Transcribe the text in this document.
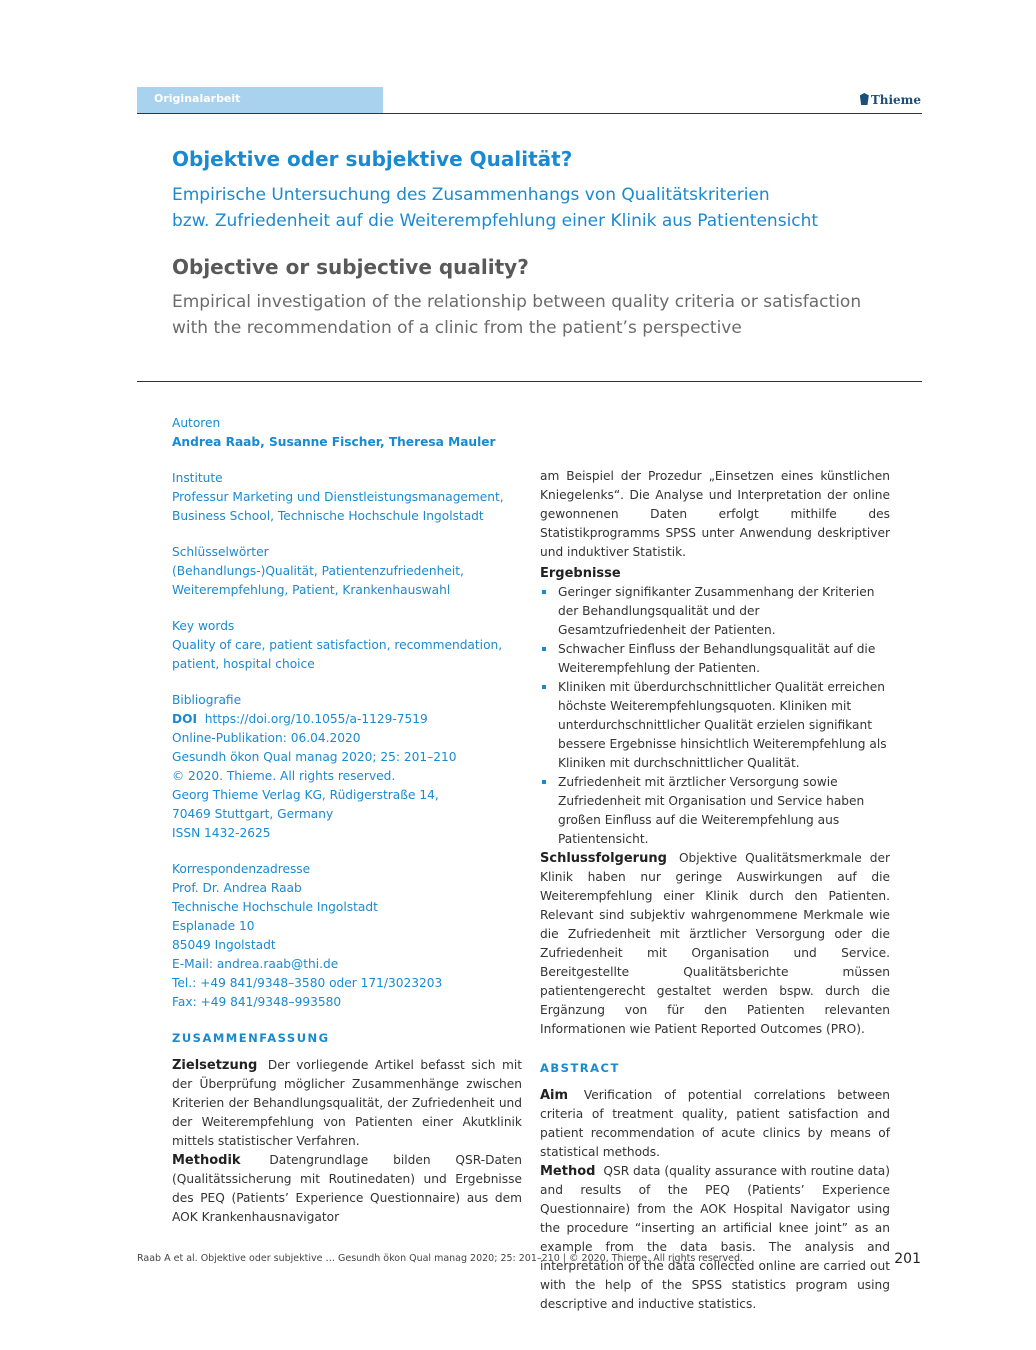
Originalarbeit	Thieme
Objektive oder subjektive Qualität?
Empirische Untersuchung des Zusammenhangs von Qualitätskriterien
bzw. Zufriedenheit auf die Weiterempfehlung einer Klinik aus Patientensicht
Objective or subjective quality?
Empirical investigation of the relationship between quality criteria or satisfaction
with the recommendation of a clinic from the patient’s perspective
Autoren
Andrea Raab, Susanne Fischer, Theresa Mauler
Institute
Professur Marketing und Dienstleistungsmanagement,
Business School, Technische Hochschule Ingolstadt
Schlüsselwörter
(Behandlungs-)Qualität, Patientenzufriedenheit,
Weiterempfehlung, Patient, Krankenhauswahl
Key words
Quality of care, patient satisfaction, recommendation,
patient, hospital choice
Bibliografie
DOI https://doi.org/10.1055/a-1129-7519
Online-Publikation: 06.04.2020
Gesundh ökon Qual manag 2020; 25: 201–210
© 2020. Thieme. All rights reserved.
Georg Thieme Verlag KG, Rüdigerstraße 14,
70469 Stuttgart, Germany
ISSN 1432-2625
Korrespondenzadresse
Prof. Dr. Andrea Raab
Technische Hochschule Ingolstadt
Esplanade 10
85049 Ingolstadt
E-Mail: andrea.raab@thi.de
Tel.: +49 841/9348–3580 oder 171/3023203
Fax: +49 841/9348–993580
ZUSAMMENFASSUNG

Zielsetzung Der vorliegende Artikel befasst sich mit der Überprüfung möglicher Zusammenhänge zwischen Kriterien der Behandlungsqualität, der Zufriedenheit und der Weiterempfehlung von Patienten einer Akutklinik mittels statistischer Verfahren.

Methodik Datengrundlage bilden QSR-Daten (Qualitätssicherung mit Routinedaten) und Ergebnisse des PEQ (Patients’ Experience Questionnaire) aus dem AOK Krankenhausnavigator

am Beispiel der Prozedur „Einsetzen eines künstlichen Kniegelenks“. Die Analyse und Interpretation der online gewonnenen Daten erfolgt mithilfe des Statistikprogramms SPSS unter Anwendung deskriptiver und induktiver Statistik.

Ergebnisse
Geringer signifikanter Zusammenhang der Kriterien der Behandlungsqualität und der Gesamtzufriedenheit der Patienten.
Schwacher Einfluss der Behandlungsqualität auf die Weiterempfehlung der Patienten.
Kliniken mit überdurchschnittlicher Qualität erreichen höchste Weiterempfehlungsquoten. Kliniken mit unterdurchschnittlicher Qualität erzielen signifikant bessere Ergebnisse hinsichtlich Weiterempfehlung als Kliniken mit durchschnittlicher Qualität.
Zufriedenheit mit ärztlicher Versorgung sowie Zufriedenheit mit Organisation und Service haben großen Einfluss auf die Weiterempfehlung aus Patientensicht.

Schlussfolgerung Objektive Qualitätsmerkmale der Klinik haben nur geringe Auswirkungen auf die Weiterempfehlung einer Klinik durch den Patienten. Relevant sind subjektiv wahrgenommene Merkmale wie die Zufriedenheit mit ärztlicher Versorgung oder die Zufriedenheit mit Organisation und Service. Bereitgestellte Qualitätsberichte müssen patientengerecht gestaltet werden bspw. durch die Ergänzung von für den Patienten relevanten Informationen wie Patient Reported Outcomes (PRO).

ABSTRACT

Aim Verification of potential correlations between criteria of treatment quality, patient satisfaction and patient recommendation of acute clinics by means of statistical methods.

Method QSR data (quality assurance with routine data) and results of the PEQ (Patients’ Experience Questionnaire) from the AOK Hospital Navigator using the procedure “inserting an artificial knee joint” as an example from the data basis. The analysis and interpretation of the data collected online are carried out with the help of the SPSS statistics program using descriptive and inductive statistics.

Raab A et al. Objektive oder subjektive … Gesundh ökon Qual manag 2020; 25: 201–210 | © 2020. Thieme. All rights reserved.	201
